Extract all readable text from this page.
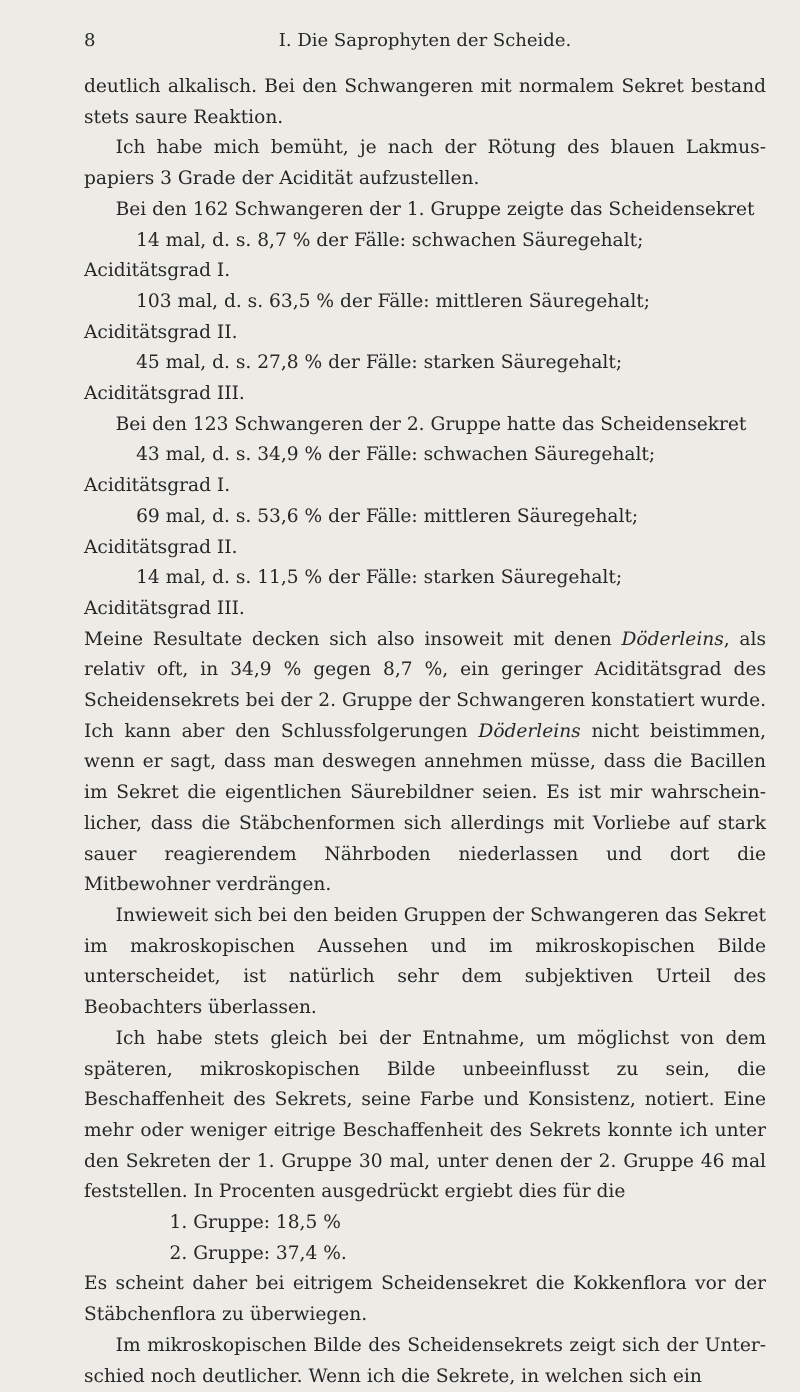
8	I. Die Saprophyten der Scheide.

deutlich alkalisch. Bei den Schwangeren mit normalem Sekret bestand stets saure Reaktion.

Ich habe mich bemüht, je nach der Rötung des blauen Lakmus-papiers 3 Grade der Acidität aufzustellen.

Bei den 162 Schwangeren der 1. Gruppe zeigte das Scheidensekret

14 mal, d. s. 8,7 % der Fälle: schwachen Säuregehalt;

Aciditätsgrad I.

103 mal, d. s. 63,5 % der Fälle: mittleren Säuregehalt;

Aciditätsgrad II.

45 mal, d. s. 27,8 % der Fälle: starken Säuregehalt;

Aciditätsgrad III.

Bei den 123 Schwangeren der 2. Gruppe hatte das Scheidensekret

43 mal, d. s. 34,9 % der Fälle: schwachen Säuregehalt;

Aciditätsgrad I.

69 mal, d. s. 53,6 % der Fälle: mittleren Säuregehalt;

Aciditätsgrad II.

14 mal, d. s. 11,5 % der Fälle: starken Säuregehalt;

Aciditätsgrad III.

Meine Resultate decken sich also insoweit mit denen Döderleins, als relativ oft, in 34,9 % gegen 8,7 %, ein geringer Aciditätsgrad des Scheidensekrets bei der 2. Gruppe der Schwangeren konstatiert wurde. Ich kann aber den Schlussfolgerungen Döderleins nicht beistimmen, wenn er sagt, dass man deswegen annehmen müsse, dass die Bacillen im Sekret die eigentlichen Säurebildner seien. Es ist mir wahrschein-licher, dass die Stäbchenformen sich allerdings mit Vorliebe auf stark sauer reagierendem Nährboden niederlassen und dort die Mitbewohner verdrängen.

Inwieweit sich bei den beiden Gruppen der Schwangeren das Sekret im makroskopischen Aussehen und im mikroskopischen Bilde unterscheidet, ist natürlich sehr dem subjektiven Urteil des Beobachters überlassen.

Ich habe stets gleich bei der Entnahme, um möglichst von dem späteren, mikroskopischen Bilde unbeeinflusst zu sein, die Beschaffenheit des Sekrets, seine Farbe und Konsistenz, notiert. Eine mehr oder weniger eitrige Beschaffenheit des Sekrets konnte ich unter den Sekreten der 1. Gruppe 30 mal, unter denen der 2. Gruppe 46 mal feststellen. In Procenten ausgedrückt ergiebt dies für die

1. Gruppe: 18,5 %

2. Gruppe: 37,4 %.

Es scheint daher bei eitrigem Scheidensekret die Kokkenflora vor der Stäbchenflora zu überwiegen.

Im mikroskopischen Bilde des Scheidensekrets zeigt sich der Unter-schied noch deutlicher. Wenn ich die Sekrete, in welchen sich ein
